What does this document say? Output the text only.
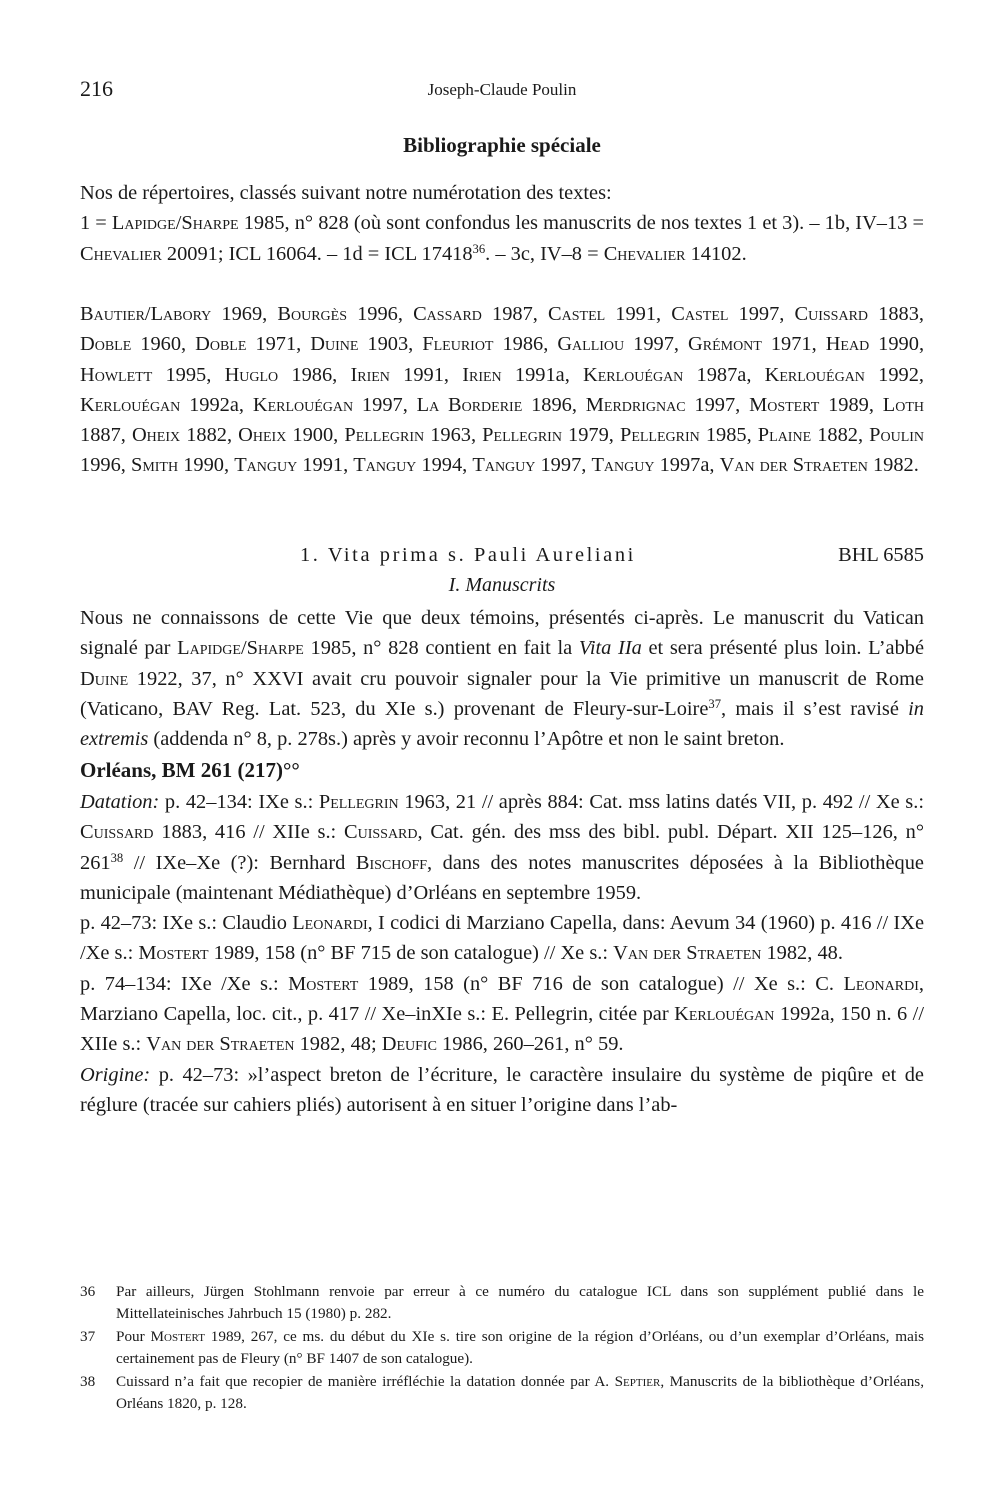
216	Joseph-Claude Poulin
Bibliographie spéciale
Nos de répertoires, classés suivant notre numérotation des textes:
1 = Lapidge/Sharpe 1985, n° 828 (où sont confondus les manuscrits de nos textes 1 et 3). – 1b, IV–13 = Chevalier 20091; ICL 16064. – 1d = ICL 17418$^{36}$. – 3c, IV–8 = Chevalier 14102.
Bautier/Labory 1969, Bourgès 1996, Cassard 1987, Castel 1991, Castel 1997, Cuissard 1883, Doble 1960, Doble 1971, Duine 1903, Fleuriot 1986, Galliou 1997, Grémont 1971, Head 1990, Howlett 1995, Huglo 1986, Irien 1991, Irien 1991a, Kerlouégan 1987a, Kerlouégan 1992, Kerlouégan 1992a, Kerlouégan 1997, La Borderie 1896, Merdrignac 1997, Mostert 1989, Loth 1887, Oheix 1882, Oheix 1900, Pellegrin 1963, Pellegrin 1979, Pellegrin 1985, Plaine 1882, Poulin 1996, Smith 1990, Tanguy 1991, Tanguy 1994, Tanguy 1997, Tanguy 1997a, Van der Straeten 1982.
1. Vita prima s. Pauli Aureliani	BHL 6585
I. Manuscrits
Nous ne connaissons de cette Vie que deux témoins, présentés ci-après. Le manuscrit du Vatican signalé par Lapidge/Sharpe 1985, n° 828 contient en fait la Vita IIa et sera présenté plus loin. L’abbé Duine 1922, 37, n° XXVI avait cru pouvoir signaler pour la Vie primitive un manuscrit de Rome (Vaticano, BAV Reg. Lat. 523, du XIe s.) provenant de Fleury-sur-Loire$^{37}$, mais il s’est ravisé in extremis (addenda n° 8, p. 278s.) après y avoir reconnu l’Apôtre et non le saint breton.
Orléans, BM 261 (217)°°
Datation: p. 42–134: IXe s.: Pellegrin 1963, 21 // après 884: Cat. mss latins datés VII, p. 492 // Xe s.: Cuissard 1883, 416 // XIIe s.: Cuissard, Cat. gén. des mss des bibl. publ. Départ. XII 125–126, n° $261^{38} // IXe-Xe$ (?): Bernhard Bischoff, dans des notes manuscrites déposées à la Bibliothèque municipale (maintenant Médiathèque) d’Orléans en septembre 1959.
p. 42–73: IXe s.: Claudio Leonardi, I codici di Marziano Capella, dans: Aevum 34 (1960) p. 416 // IXe /Xe s.: Mostert 1989, 158 (n° BF 715 de son catalogue) // Xe s.: Van der Straeten 1982, 48.
p. 74–134: IXe /Xe s.: Mostert 1989, 158 (n° BF 716 de son catalogue) // Xe s.: C. Leonardi, Marziano Capella, loc. cit., p. 417 // Xe–inXIe s.: E. Pellegrin, citée par Kerlouégan 1992a, 150 n. 6 // XIIe s.: Van der Straeten 1982, 48; Deufic 1986, 260–261, n° 59.
Origine: p. 42–73: »l’aspect breton de l’écriture, le caractère insulaire du système de piqûre et de réglure (tracée sur cahiers pliés) autorisent à en situer l’origine dans l’ab-
36 Par ailleurs, Jürgen Stohlmann renvoie par erreur à ce numéro du catalogue ICL dans son supplément publié dans le Mittellateinisches Jahrbuch 15 (1980) p. 282.
37 Pour Mostert 1989, 267, ce ms. du début du XIe s. tire son origine de la région d’Orléans, ou d’un exemplar d’Orléans, mais certainement pas de Fleury (n° BF 1407 de son catalogue).
38 Cuissard n’a fait que recopier de manière irréfléchie la datation donnée par A. Septier, Manuscrits de la bibliothèque d’Orléans, Orléans 1820, p. 128.
